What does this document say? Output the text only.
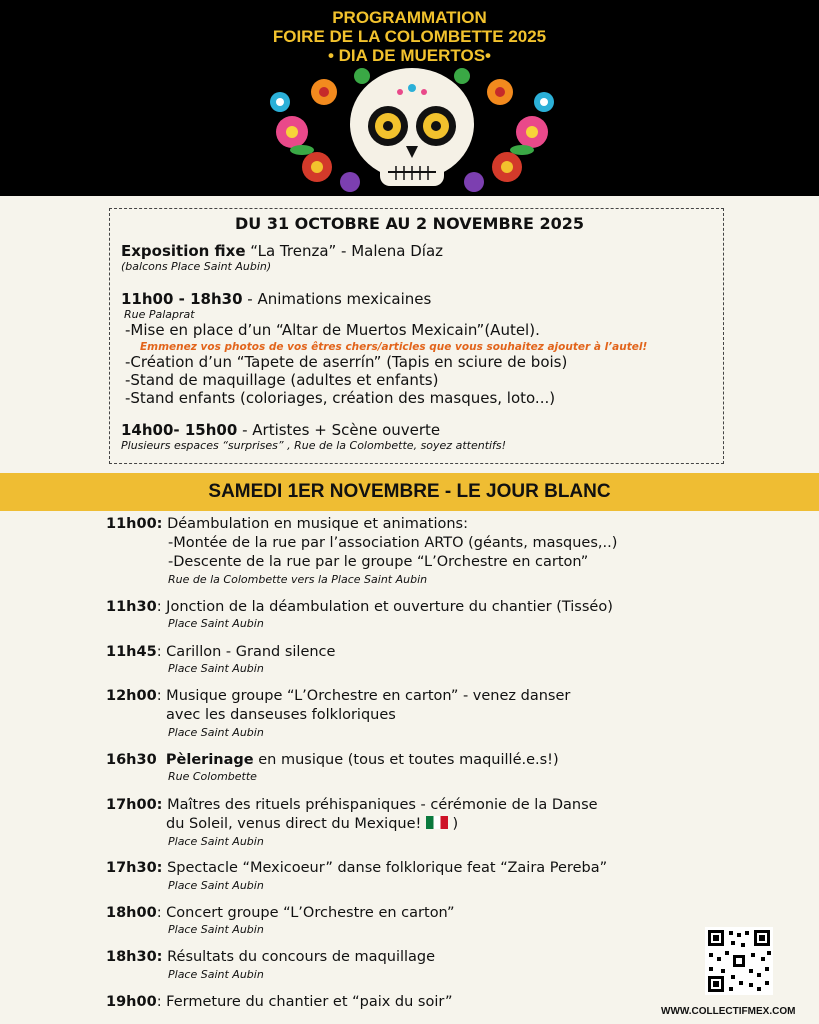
PROGRAMMATION
FOIRE DE LA COLOMBETTE 2025
• DIA DE MUERTOS•
DU 31 OCTOBRE AU 2 NOVEMBRE 2025
Exposition fixe “La Trenza” - Malena Díaz
(balcons Place Saint Aubin)
11h00 - 18h30 - Animations mexicaines
Rue Palaprat
-Mise en place d’un “Altar de Muertos Mexicain”(Autel).
Emmenez vos photos de vos êtres chers/articles que vous souhaitez ajouter à l’autel!
-Création d’un “Tapete de aserrín” (Tapis en sciure de bois)
-Stand de maquillage (adultes et enfants)
-Stand enfants (coloriages, création des masques, loto...)
14h00- 15h00 - Artistes + Scène ouverte
Plusieurs espaces “surprises” , Rue de la Colombette, soyez attentifs!
SAMEDI 1ER NOVEMBRE - LE JOUR BLANC
11h00: Déambulation en musique et animations:
-Montée de la rue par l’association ARTO (géants, masques,..)
-Descente de la rue par le groupe “L’Orchestre en carton”
Rue de la Colombette vers la Place Saint Aubin
11h30: Jonction de la déambulation et ouverture du chantier (Tisséo)
Place Saint Aubin
11h45: Carillon - Grand silence
Place Saint Aubin
12h00: Musique groupe “L’Orchestre en carton” - venez danser
avec les danseuses folkloriques
Place Saint Aubin
16h30 Pèlerinage en musique (tous et toutes maquillé.e.s!)
Rue Colombette
17h00: Maîtres des rituels préhispaniques - cérémonie de la Danse
du Soleil, venus direct du Mexique!  )
Place Saint Aubin
17h30: Spectacle “Mexicoeur” danse folklorique feat “Zaira Pereba”
Place Saint Aubin
18h00: Concert groupe “L’Orchestre en carton”
Place Saint Aubin
18h30: Résultats du concours de maquillage
Place Saint Aubin
19h00: Fermeture du chantier et “paix du soir”
WWW.COLLECTIFMEX.COM
